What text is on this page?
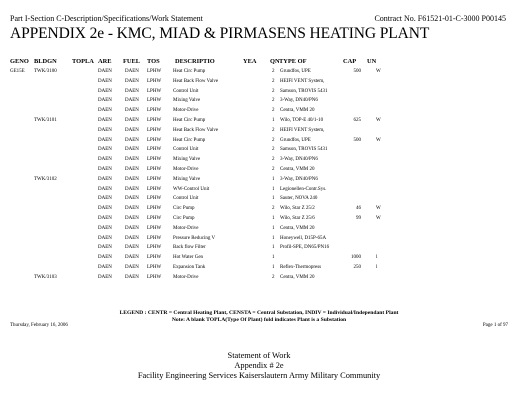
Part I-Section C-Description/Specifications/Work Statement	Contract No. F61521-01-C-3000 P00145
APPENDIX 2e - KMC, MIAD & PIRMASENS HEATING PLANT
GENO BLDGN TOPLA ARE FUEL TOS DESCRIPTIO	YEA QN TYPE OF	CAP UN
GE15E TWK/3100	DAEN	DAEN LPHW Heat Circ Pump	2 Grundfos, UPE	500	W
DAEN	DAEN LPHW Heat Back Flow Valve	2 HEIFI VENT System,
DAEN	DAEN LPHW Control Unit	2 Samson, TROVIS 5431
DAEN	DAEN LPHW Mixing Valve	2 3-Way, DN40/PN6
DAEN	DAEN LPHW Motor-Drive	2 Centra, VMM 20
TWK/3101	DAEN	DAEN LPHW Heat Circ Pump	1 Wilo, TOP-E 40/1-10	625	W
DAEN	DAEN LPHW Heat Back Flow Valve	2 HEIFI VENT System,
DAEN	DAEN LPHW Heat Circ Pump	2 Grundfos, UPE	500	W
DAEN	DAEN LPHW Control Unit	2 Samson, TROVIS 5431
DAEN	DAEN LPHW Mixing Valve	2 3-Way, DN40/PN6
DAEN	DAEN LPHW Motor-Drive	2 Centra, VMM 20
TWK/3102	DAEN	DAEN LPHW Mixing Valve	1 3-Way, DN40/PN6
DAEN	DAEN LPHW WW-Control Unit	1 Legionellen-Contr.Sys.
DAEN	DAEN LPHW Control Unit	1 Sauter, NOVA 240
DAEN	DAEN LPHW Circ Pump	2 Wilo, Star Z 25/2	46	W
DAEN	DAEN LPHW Circ Pump	1 Wilo, Star Z 25/6	99	W
DAEN	DAEN LPHW Motor-Drive	1 Centra, VMM 20
DAEN	DAEN LPHW Pressure Reducing V	1 Honeywell, D15P-65A
DAEN	DAEN LPHW Back flow Filter	1 Profil-SPE, DN65/PN16
DAEN	DAEN LPHW Hot Water Gen	1	1000	l
DAEN	DAEN LPHW Expansion Tank	1 Reflex-Thermopress	250	l
TWK/3103	DAEN	DAEN LPHW Motor-Drive	2 Centra, VMM 20
LEGEND : CENTR = Central Heating Plant, CENSTA = Central Substation, INDIV = Individual/Independant Plant
Note: A blank TOPLA(Type Of Plant) fold indicates Plant is a Substation
Thursday, February 16, 2006	Page 1 of 97
Statement of Work
Appendix # 2e
Facility Engineering Services Kaiserslautern Army Military Community
